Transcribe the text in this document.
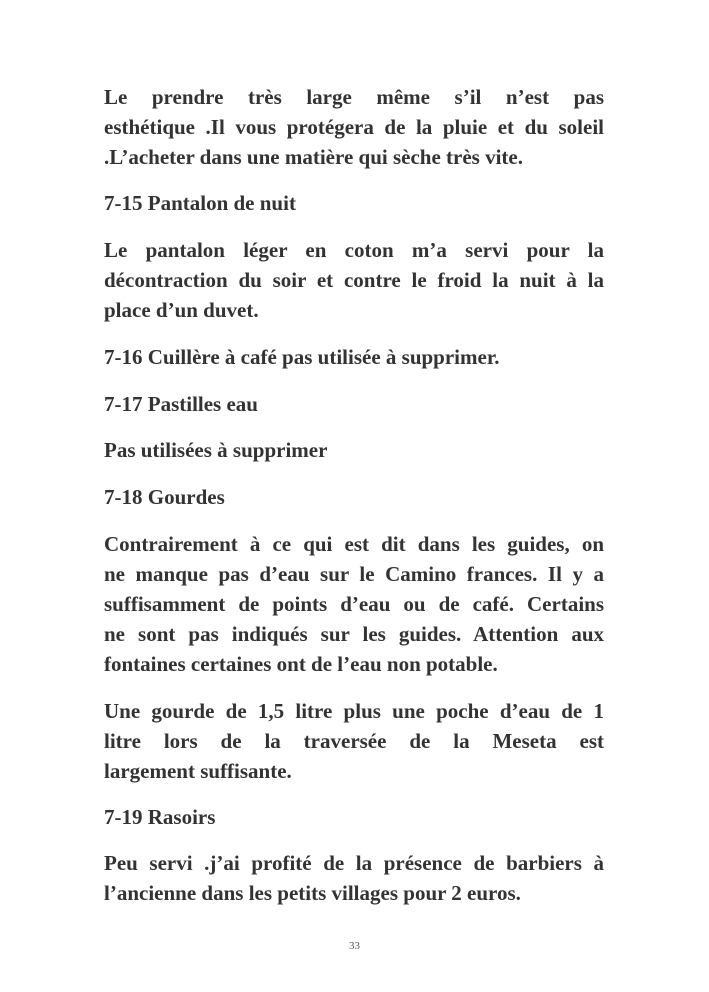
Le prendre très large même s’il n’est pas
esthétique .Il vous protégera de la pluie et du soleil
.L’acheter dans une matière qui sèche très vite.
7-15 Pantalon de nuit
Le pantalon léger en coton m’a servi pour la
décontraction du soir et contre le froid la nuit à la
place d’un duvet.
7-16 Cuillère à café pas utilisée à supprimer.
7-17 Pastilles eau
Pas utilisées à supprimer
7-18 Gourdes
Contrairement à ce qui est dit dans les guides, on
ne manque pas d’eau sur le Camino frances. Il y a
suffisamment de points d’eau ou de café. Certains
ne sont pas indiqués sur les guides. Attention aux
fontaines certaines ont de l’eau non potable.
Une gourde de 1,5 litre plus une poche d’eau de 1
litre lors de la traversée de la Meseta est
largement suffisante.
7-19 Rasoirs
Peu servi .j’ai profité de la présence de barbiers à
l’ancienne dans les petits villages pour 2 euros.
33
